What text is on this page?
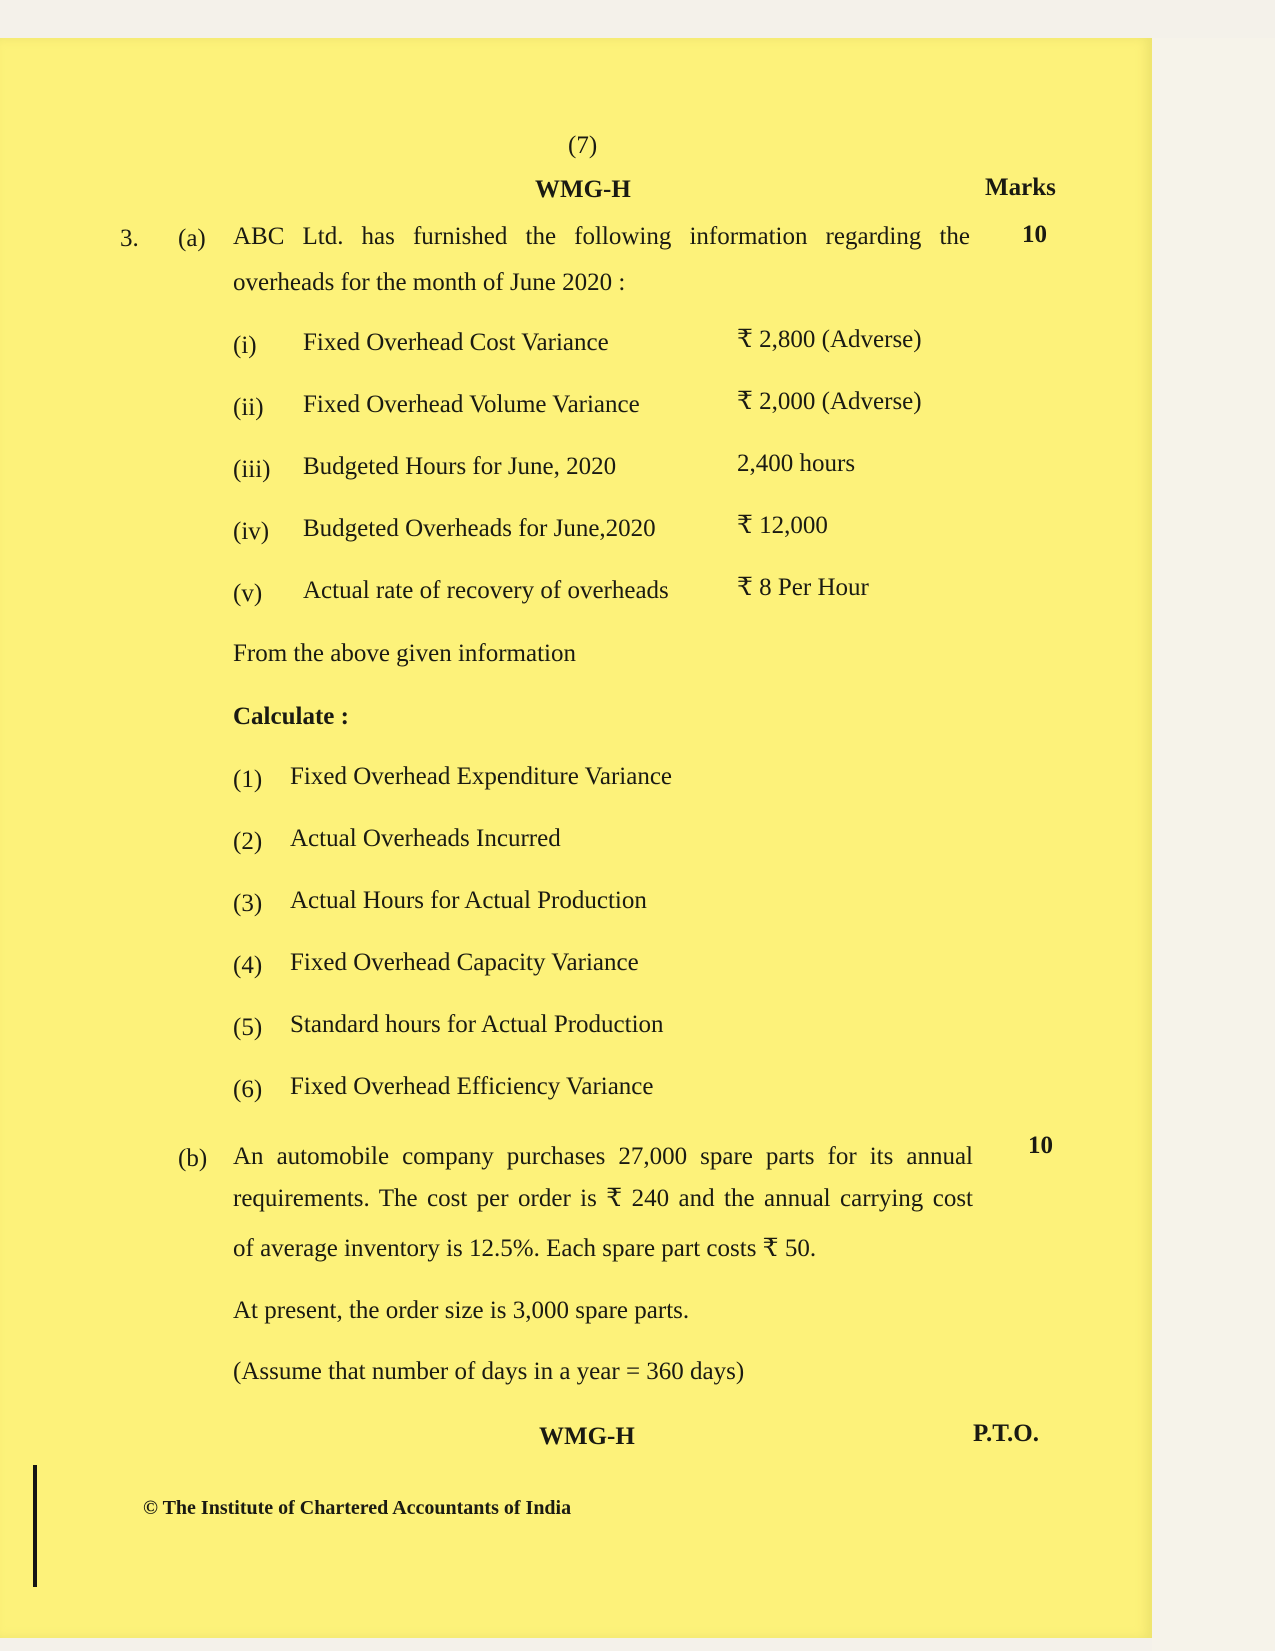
(7)
WMG-H	Marks
3. (a) ABC Ltd. has furnished the following information regarding the 10
overheads for the month of June 2020 :
(i) Fixed Overhead Cost Variance	₹ 2,800 (Adverse)
(ii) Fixed Overhead Volume Variance	₹ 2,000 (Adverse)
(iii) Budgeted Hours for June, 2020	2,400 hours
(iv) Budgeted Overheads for June,2020	₹ 12,000
(v) Actual rate of recovery of overheads	₹ 8 Per Hour
From the above given information
Calculate :
(1) Fixed Overhead Expenditure Variance
(2) Actual Overheads Incurred
(3) Actual Hours for Actual Production
(4) Fixed Overhead Capacity Variance
(5) Standard hours for Actual Production
(6) Fixed Overhead Efficiency Variance
(b)	10
An automobile company purchases 27,000 spare parts for its annual
requirements. The cost per order is ₹ 240 and the annual carrying cost
of average inventory is 12.5%. Each spare part costs ₹ 50.
At present, the order size is 3,000 spare parts.
(Assume that number of days in a year = 360 days)
WMG-H	P.T.O.
© The Institute of Chartered Accountants of India
